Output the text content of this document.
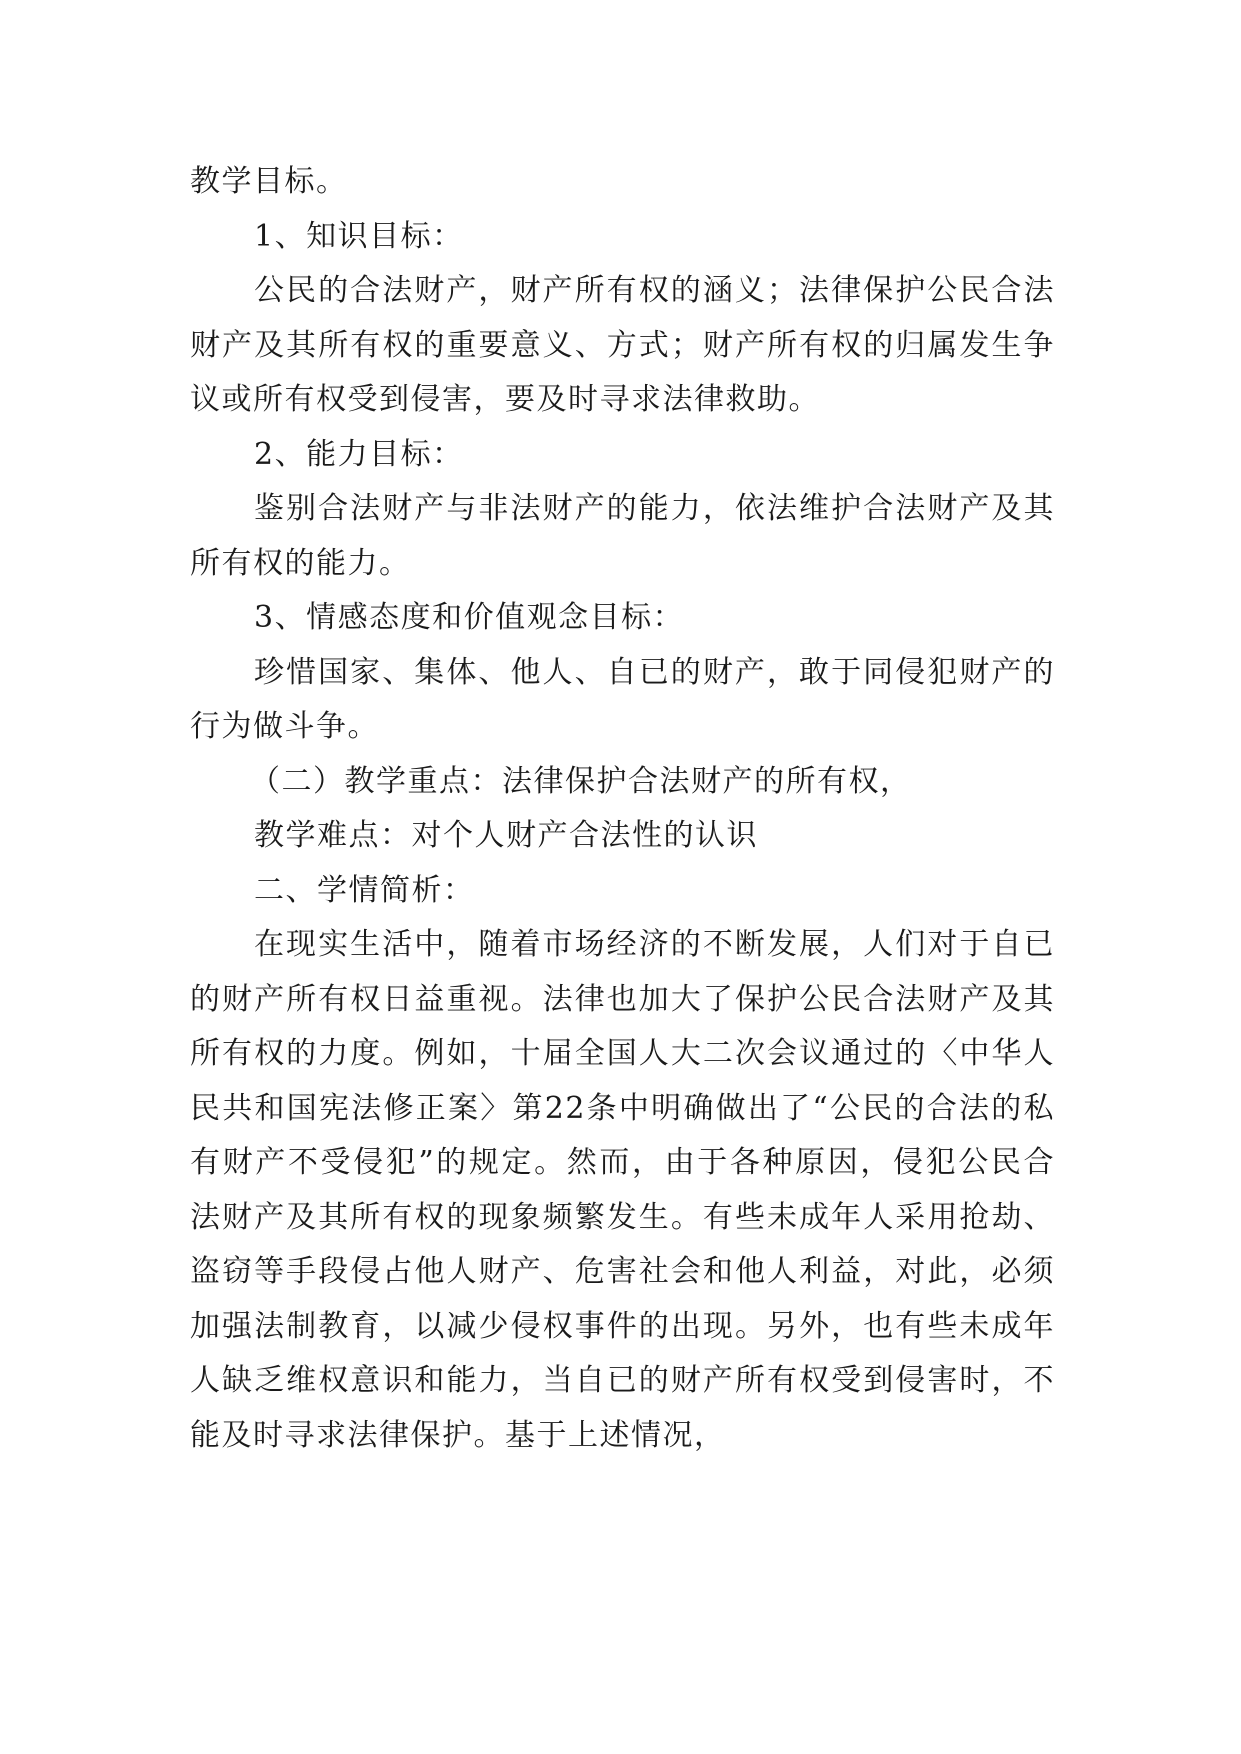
教学目标。

1、知识目标：

公民的合法财产，财产所有权的涵义；法律保护公民合法财产及其所有权的重要意义、方式；财产所有权的归属发生争议或所有权受到侵害，要及时寻求法律救助。

2、能力目标：

鉴别合法财产与非法财产的能力，依法维护合法财产及其所有权的能力。

3、情感态度和价值观念目标：

珍惜国家、集体、他人、自已的财产，敢于同侵犯财产的行为做斗争。

（二）教学重点：法律保护合法财产的所有权，

教学难点：对个人财产合法性的认识

二、学情简析：

在现实生活中，随着市场经济的不断发展，人们对于自已的财产所有权日益重视。法律也加大了保护公民合法财产及其所有权的力度。例如，十届全国人大二次会议通过的〈中华人民共和国宪法修正案〉第22条中明确做出了“公民的合法的私有财产不受侵犯”的规定。然而，由于各种原因，侵犯公民合法财产及其所有权的现象频繁发生。有些未成年人采用抢劫、盗窃等手段侵占他人财产、危害社会和他人利益，对此，必须加强法制教育，以减少侵权事件的出现。另外，也有些未成年人缺乏维权意识和能力，当自已的财产所有权受到侵害时，不能及时寻求法律保护。基于上述情况，
